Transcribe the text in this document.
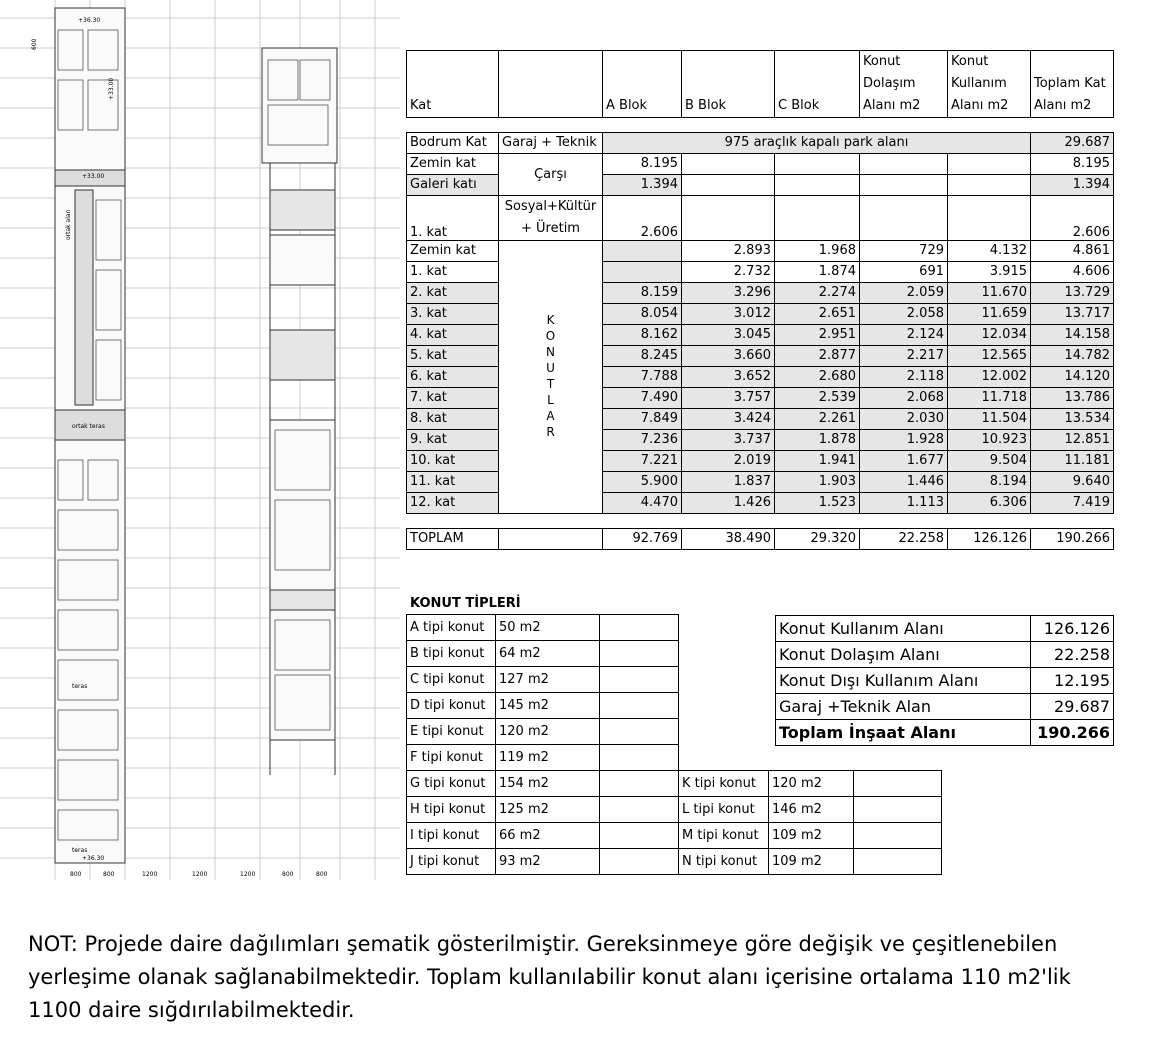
+36.30
+33.00
+33.00
ortak alan
ortak teras
teras
teras
+36.30
800	800	1200	1200	1200	800	800
600
Kat		A Blok	B Blok	C Blok	Konut Dolaşım Alanı m2	Konut Kullanım Alanı m2	Toplam Kat Alanı m2

Bodrum Kat	Garaj + Teknik	975 araçlık kapalı park alanı					29.687
Zemin kat	Çarşı	8.195					8.195
Galeri katı		1.394					1.394
1. kat	Sosyal+Kültür + Üretim	2.606					2.606
Zemin kat	KONUTLAR		2.893	1.968	729	4.132	4.861
1. kat			2.732	1.874	691	3.915	4.606
2. kat		8.159	3.296	2.274	2.059	11.670	13.729
3. kat		8.054	3.012	2.651	2.058	11.659	13.717
4. kat		8.162	3.045	2.951	2.124	12.034	14.158
5. kat		8.245	3.660	2.877	2.217	12.565	14.782
6. kat		7.788	3.652	2.680	2.118	12.002	14.120
7. kat		7.490	3.757	2.539	2.068	11.718	13.786
8. kat		7.849	3.424	2.261	2.030	11.504	13.534
9. kat		7.236	3.737	1.878	1.928	10.923	12.851
10. kat		7.221	2.019	1.941	1.677	9.504	11.181
11. kat		5.900	1.837	1.903	1.446	8.194	9.640
12. kat		4.470	1.426	1.523	1.113	6.306	7.419

TOPLAM		92.769	38.490	29.320	22.258	126.126	190.266
KONUT TİPLERİ
A tipi konut	50 m2				
B tipi konut	64 m2				
C tipi konut	127 m2				
D tipi konut	145 m2				
E tipi konut	120 m2				
F tipi konut	119 m2				
G tipi konut	154 m2		K tipi konut	120 m2	
H tipi konut	125 m2		L tipi konut	146 m2	
I tipi konut	66 m2		M tipi konut	109 m2	
J tipi konut	93 m2		N tipi konut	109 m2	
Konut Kullanım Alanı	126.126
Konut Dolaşım Alanı	22.258
Konut Dışı Kullanım Alanı	12.195
Garaj +Teknik Alan	29.687
Toplam İnşaat Alanı	190.266
NOT: Projede daire dağılımları şematik gösterilmiştir. Gereksinmeye göre değişik ve çeşitlenebilen yerleşime olanak sağlanabilmektedir. Toplam kullanılabilir konut alanı içerisine ortalama 110 m2'lik 1100 daire sığdırılabilmektedir.
